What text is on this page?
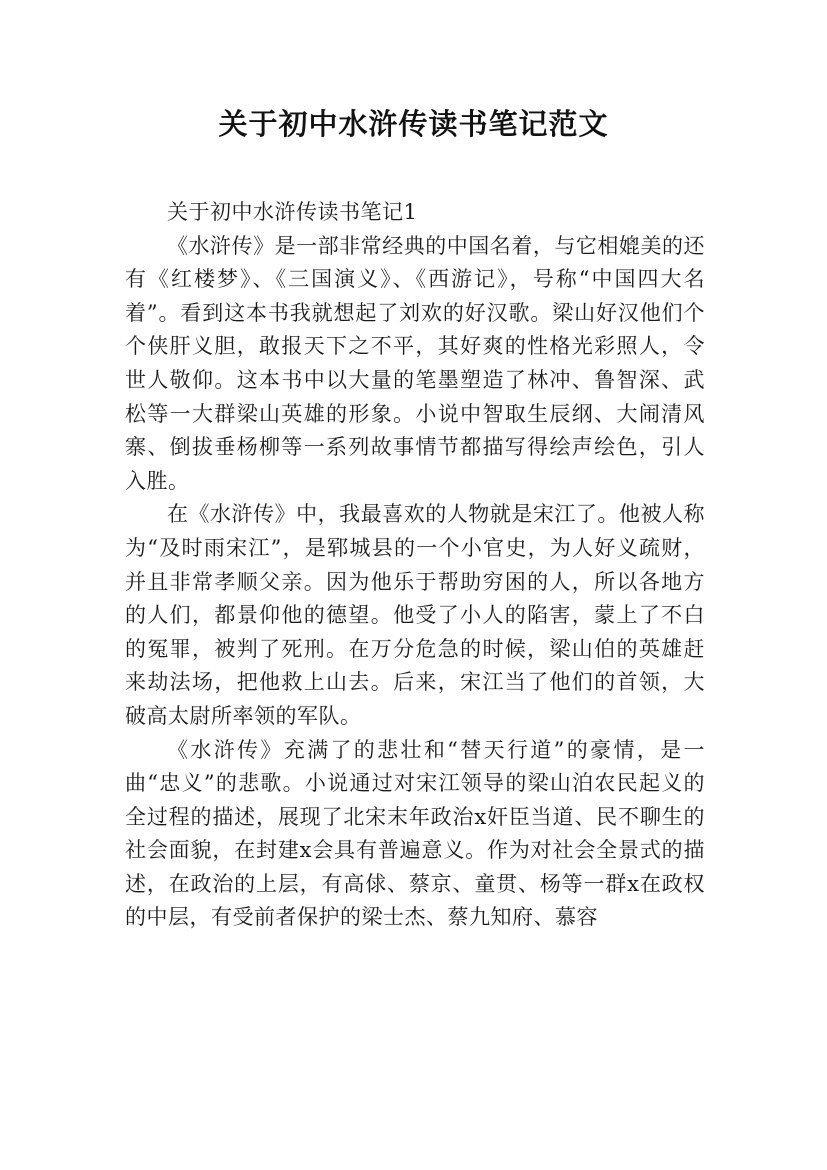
关于初中水浒传读书笔记范文

关于初中水浒传读书笔记1

《水浒传》是一部非常经典的中国名着，与它相媲美的还有《红楼梦》、《三国演义》、《西游记》，号称“中国四大名着”。看到这本书我就想起了刘欢的好汉歌。梁山好汉他们个个侠肝义胆，敢报天下之不平，其好爽的性格光彩照人，令世人敬仰。这本书中以大量的笔墨塑造了林冲、鲁智深、武松等一大群梁山英雄的形象。小说中智取生辰纲、大闹清风寨、倒拔垂杨柳等一系列故事情节都描写得绘声绘色，引人入胜。

在《水浒传》中，我最喜欢的人物就是宋江了。他被人称为“及时雨宋江”，是郓城县的一个小官史，为人好义疏财，并且非常孝顺父亲。因为他乐于帮助穷困的人，所以各地方的人们，都景仰他的德望。他受了小人的陷害，蒙上了不白的冤罪，被判了死刑。在万分危急的时候，梁山伯的英雄赶来劫法场，把他救上山去。后来，宋江当了他们的首领，大破高太尉所率领的军队。

《水浒传》充满了的悲壮和“替天行道”的豪情，是一曲“忠义”的悲歌。小说通过对宋江领导的梁山泊农民起义的全过程的描述，展现了北宋末年政治x奸臣当道、民不聊生的社会面貌，在封建x会具有普遍意义。作为对社会全景式的描述，在政治的上层，有高俅、蔡京、童贯、杨等一群x在政权的中层，有受前者保护的梁士杰、蔡九知府、慕容
